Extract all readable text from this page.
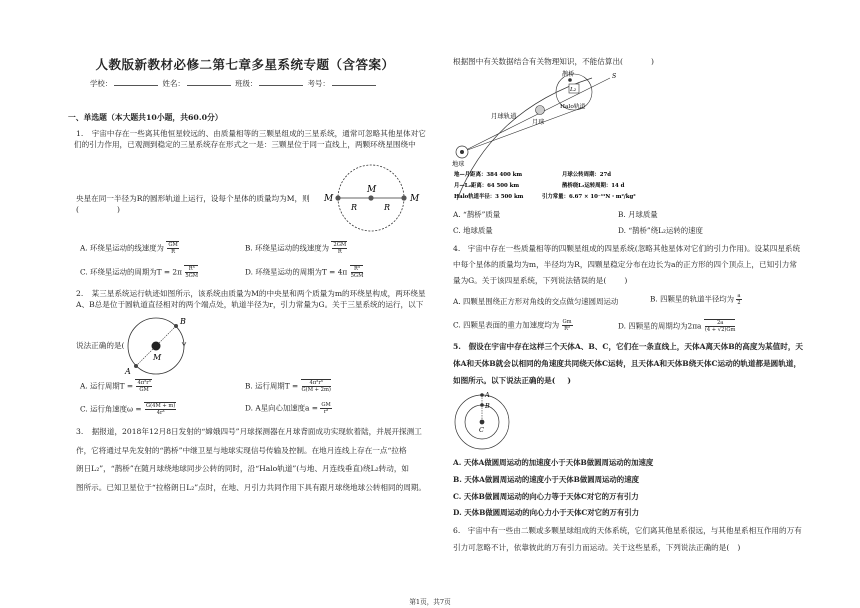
人教版新教材必修二第七章多星系统专题（含答案）
学校：	姓名：	班级：	考号：
一、单选题（本大题共10小题，共60.0分）
1. 宇宙中存在一些离其他恒星较远的、由质量相等的三颗星组成的三星系统，通常可忽略其他星体对它
们的引力作用，已观测到稳定的三星系统存在形式之一是：三颗星位于同一直线上，两颗环绕星围绕中
央星在同一半径为R的圆形轨道上运行，设每个星体的质量均为M，则(	)
M
M
M
R	R
A. 环绕星运动的线速度为 $\frac{GM}{R}$	B. 环绕星运动的线速度为 $\frac{2GM}{R}$
C. 环绕星运动的周期为$T = 2\pi \frac{\text{R³}}{5GM}$	D. 环绕星运动的周期为$T = 4\pi \frac{\text{R³}}{5GM}$
2. 某三星系统运行轨迹如图所示，该系统由质量为M的中央星和两个质量为m的环绕星构成，两环绕星
A、B总是位于圆轨道直径相对的两个端点处，轨道半径为r，引力常量为G。关于三星系统的运行，以下
说法正确的是(
A
B
M
A. 运行周期$T = \frac{\text{4π²r³}}{GM}$	B. 运行周期$T = \frac{\text{4π²r³}}{G(M + 2m)}$
C. 运行角速度$\omega = \frac{G(4M + m)}{\text{4r³}}$	D. A星向心加速度$a = \frac{GM}{\text{r²}}$
3. 据报道，2018年12月8日发射的“嫦娥四号”月球探测器在月球背面成功实现软着陆，并展开探测工
作，它将通过早先发射的“鹊桥”中继卫星与地球实现信号传输及控制。在地月连线上存在一点“拉格
朗日L₂”，“鹊桥”在随月球绕地球同步公转的同时，沿“Halo轨道”(与地、月连线垂直)绕L₂转动，如
图所示。已知卫星位于“拉格朗日L₂”点时，在地、月引力共同作用下具有跟月球绕地球公转相同的周期。
根据图中有关数据结合有关物理知识，不能估算出(	)
月球轨道
鹊桥
L₂
Halo轨道
月球
地球
S
地—月距离：384 400 km	月球公转周期：27d
月—L₂距离：64 500 km	鹊桥绕L₂运转周期：14 d
Halo轨道半径：3 500 km	引力常量：6.67 × 10⁻¹¹N・m²/kg²
A. “鹊桥”质量	B. 月球质量
C. 地球质量	D. “鹊桥”绕L₂运转的速度
4. 宇宙中存在一些质量相等的四颗星组成的四星系统(忽略其他星体对它们的引力作用)。设某四星系统
中每个星体的质量均为m，半径均为R，四颗星稳定分布在边长为a的正方形的四个顶点上，已知引力常
量为G。关于该四星系统，下列说法错误的是( )
A. 四颗星围绕正方形对角线的交点做匀速圆周运动	B. 四颗星的轨道半径均为 $\frac{a}{2}$
C. 四颗星表面的重力加速度均为 $\frac{Gm}{\text{R²}}$	D. 四颗星的周期均为$2\pi a \frac{2a}{(4 + √2)Gm}$
5. 假设在宇宙中存在这样三个天体A、B、C，它们在一条直线上，天体A离天体B的高度为某值时，天
体A和天体B就会以相同的角速度共同绕天体C运转，且天体A和天体B绕天体C运动的轨道都是圆轨道，
如图所示。以下说法正确的是( )
A
B
C
A. 天体A做圆周运动的加速度小于天体B做圆周运动的加速度
B. 天体A做圆周运动的速度小于天体B做圆周运动的速度
C. 天体B做圆周运动的向心力等于天体C对它的万有引力
D. 天体B做圆周运动的向心力小于天体C对它的万有引力
6. 宇宙中有一些由二颗或多颗星球组成的天体系统，它们离其他星系很远，与其他星系相互作用的万有
引力可忽略不计，依靠彼此的万有引力而运动。关于这些星系，下列说法正确的是( )
第1页，共7页
